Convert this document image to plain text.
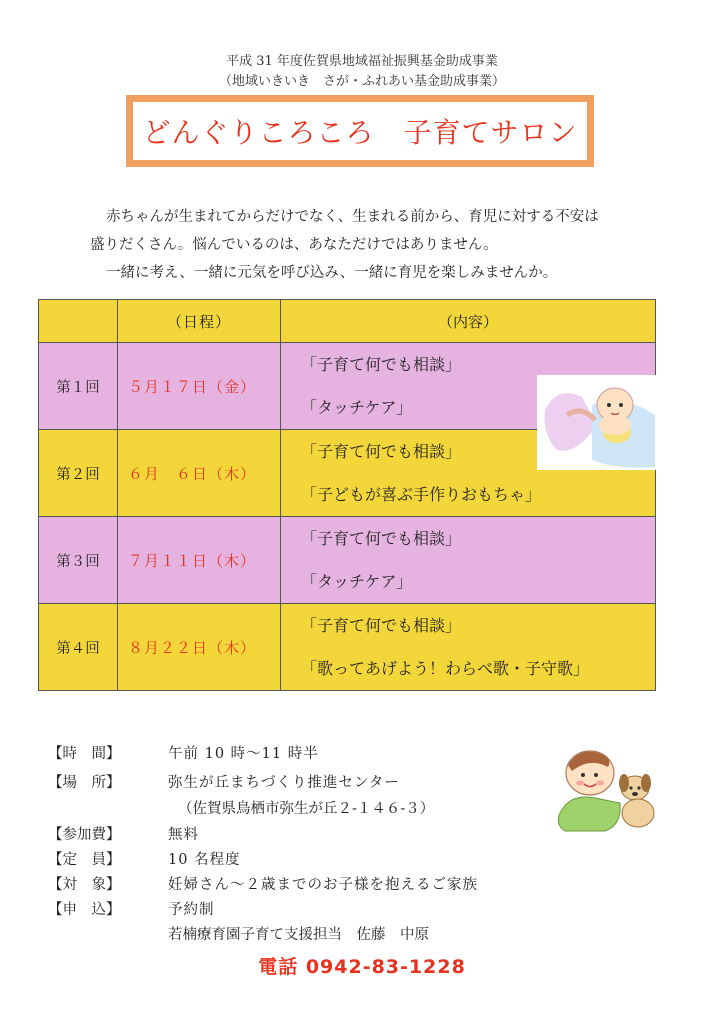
平成 31 年度佐賀県地域福祉振興基金助成事業
（地域いきいき　さが・ふれあい基金助成事業）
どんぐりころころ　子育てサロン
赤ちゃんが生まれてからだけでなく、生まれる前から、育児に対する不安は
盛りだくさん。悩んでいるのは、あなただけではありません。
一緒に考え、一緒に元気を呼び込み、一緒に育児を楽しみませんか。
	（日程）	（内容）
第１回	５月１７日（金）	「子育て何でも相談」
「タッチケア」

第２回	６月　６日（木）	「子育て何でも相談」
「子どもが喜ぶ手作りおもちゃ」

第３回	７月１１日（木）	「子育て何でも相談」
「タッチケア」

第４回	８月２２日（木）	「子育て何でも相談」
「歌ってあげよう！わらべ歌・子守歌」
【時　間】	午前 10 時～11 時半
【場　所】	弥生が丘まちづくり推進センター
（佐賀県鳥栖市弥生が丘２-１４６-３）
【参加費】	無料
【定　員】	10 名程度
【対　象】	妊婦さん～２歳までのお子様を抱えるご家族
【申　込】	予約制
若楠療育園子育て支援担当　佐藤　中原
電話 0942-83-1228
